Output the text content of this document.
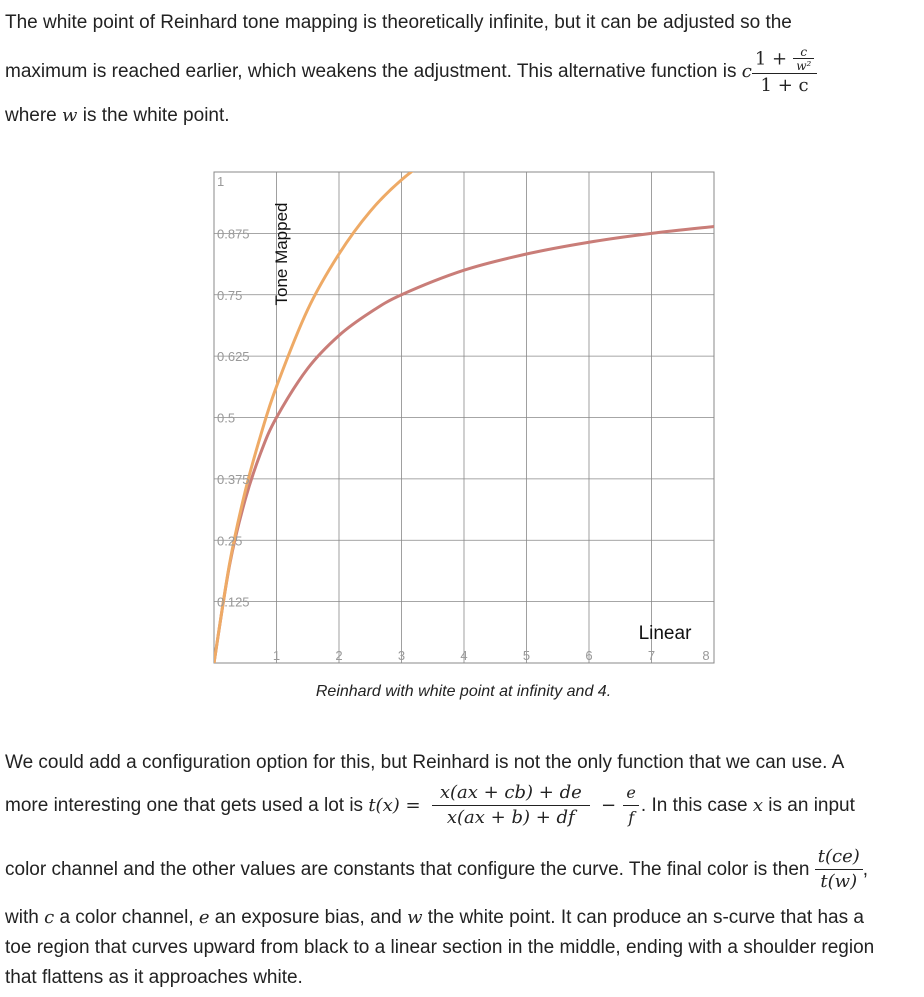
The white point of Reinhard tone mapping is theoretically infinite, but it can be adjusted so the
maximum is reached earlier, which weakens the adjustment. This alternative function is c $\frac{1 + \frac{c}{\text{w²}}}{1 + c}$
where w is the white point.
1	2	3	4	5	6	7	8
0.125
0.25
0.375
0.5
0.625
0.75
0.875
1
Tone Mapped
Linear
Reinhard with white point at infinity and 4.
We could add a configuration option for this, but Reinhard is not the only function that we can use. A
more interesting one that gets used a lot is $t(x) = \frac{x(ax + cb) + de}{x(ax + b) + df} - \frac{e}{f}$ . In this case x is an input
color channel and the other values are constants that configure the curve. The final color is then $\frac{t(ce)}{t(w)}$ ,
with c a color channel, e an exposure bias, and w the white point. It can produce an s-curve that has a
toe region that curves upward from black to a linear section in the middle, ending with a shoulder region
that flattens as it approaches white.
